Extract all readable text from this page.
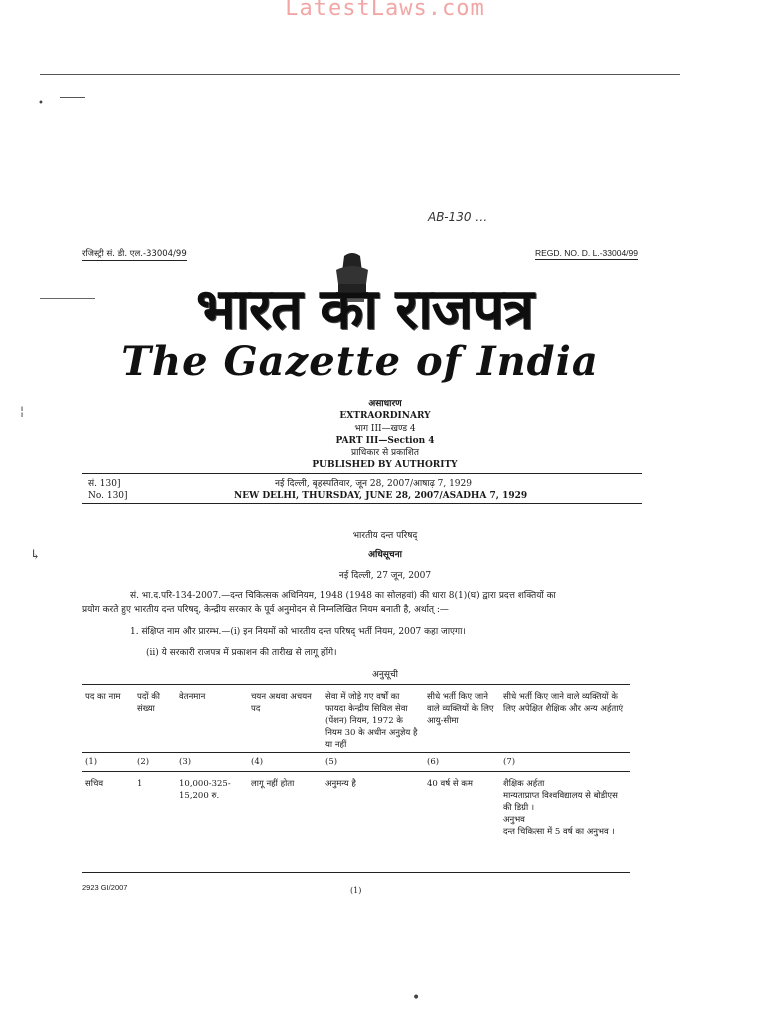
LatestLaws.com
•
↳
¦
•
AB-130 …
रजिस्ट्री सं. डी. एल.-33004/99	REGD. NO. D. L.-33004/99
भारत का राजपत्र
The Gazette of India
असाधारण
EXTRAORDINARY
भाग III—खण्ड 4
PART III—Section 4
प्राधिकार से प्रकाशित
PUBLISHED BY AUTHORITY
सं. 130]
No. 130]
नई दिल्ली, बृहस्पतिवार, जून 28, 2007/आषाढ़ 7, 1929
NEW DELHI, THURSDAY, JUNE 28, 2007/ASADHA 7, 1929
भारतीय दन्त परिषद्
अधिसूचना
नई दिल्ली, 27 जून, 2007
सं. भा.द.परि-134-2007.—दन्त चिकित्सक अधिनियम, 1948 (1948 का सोलहवां) की धारा 8(1)(घ) द्वारा प्रदत्त शक्तियों का
प्रयोग करते हुए भारतीय दन्त परिषद्, केन्द्रीय सरकार के पूर्व अनुमोदन से निम्नलिखित नियम बनाती है, अर्थात् :—
1. संक्षिप्त नाम और प्रारम्भ.—(i) इन नियमों को भारतीय दन्त परिषद् भर्ती नियम, 2007 कहा जाएगा।
(ii) ये सरकारी राजपत्र में प्रकाशन की तारीख से लागू होंगे।
अनुसूची
पद का नाम	पदों की संख्या	वेतनमान	चयन अथवा अचयन पद	सेवा में जोड़े गए वर्षों का फायदा केन्द्रीय सिविल सेवा (पेंशन) नियम, 1972 के नियम 30 के अधीन अनुज्ञेय है या नहीं	सीधे भर्ती किए जाने वाले व्यक्तियों के लिए आयु-सीमा	सीधे भर्ती किए जाने वाले व्यक्तियों के लिए अपेक्षित शैक्षिक और अन्य अर्हताएं
(1)	(2)	(3)	(4)	(5)	(6)	(7)
सचिव	1	10,000-325-15,200 रु.	लागू नहीं होता	अनुमन्य है	40 वर्ष से कम	शैक्षिक अर्हता
मान्यताप्राप्त विश्वविद्यालय से बोडीएस की डिग्री ।
अनुभव
दन्त चिकित्सा में 5 वर्ष का अनुभव ।
2923 GI/2007	(1)
